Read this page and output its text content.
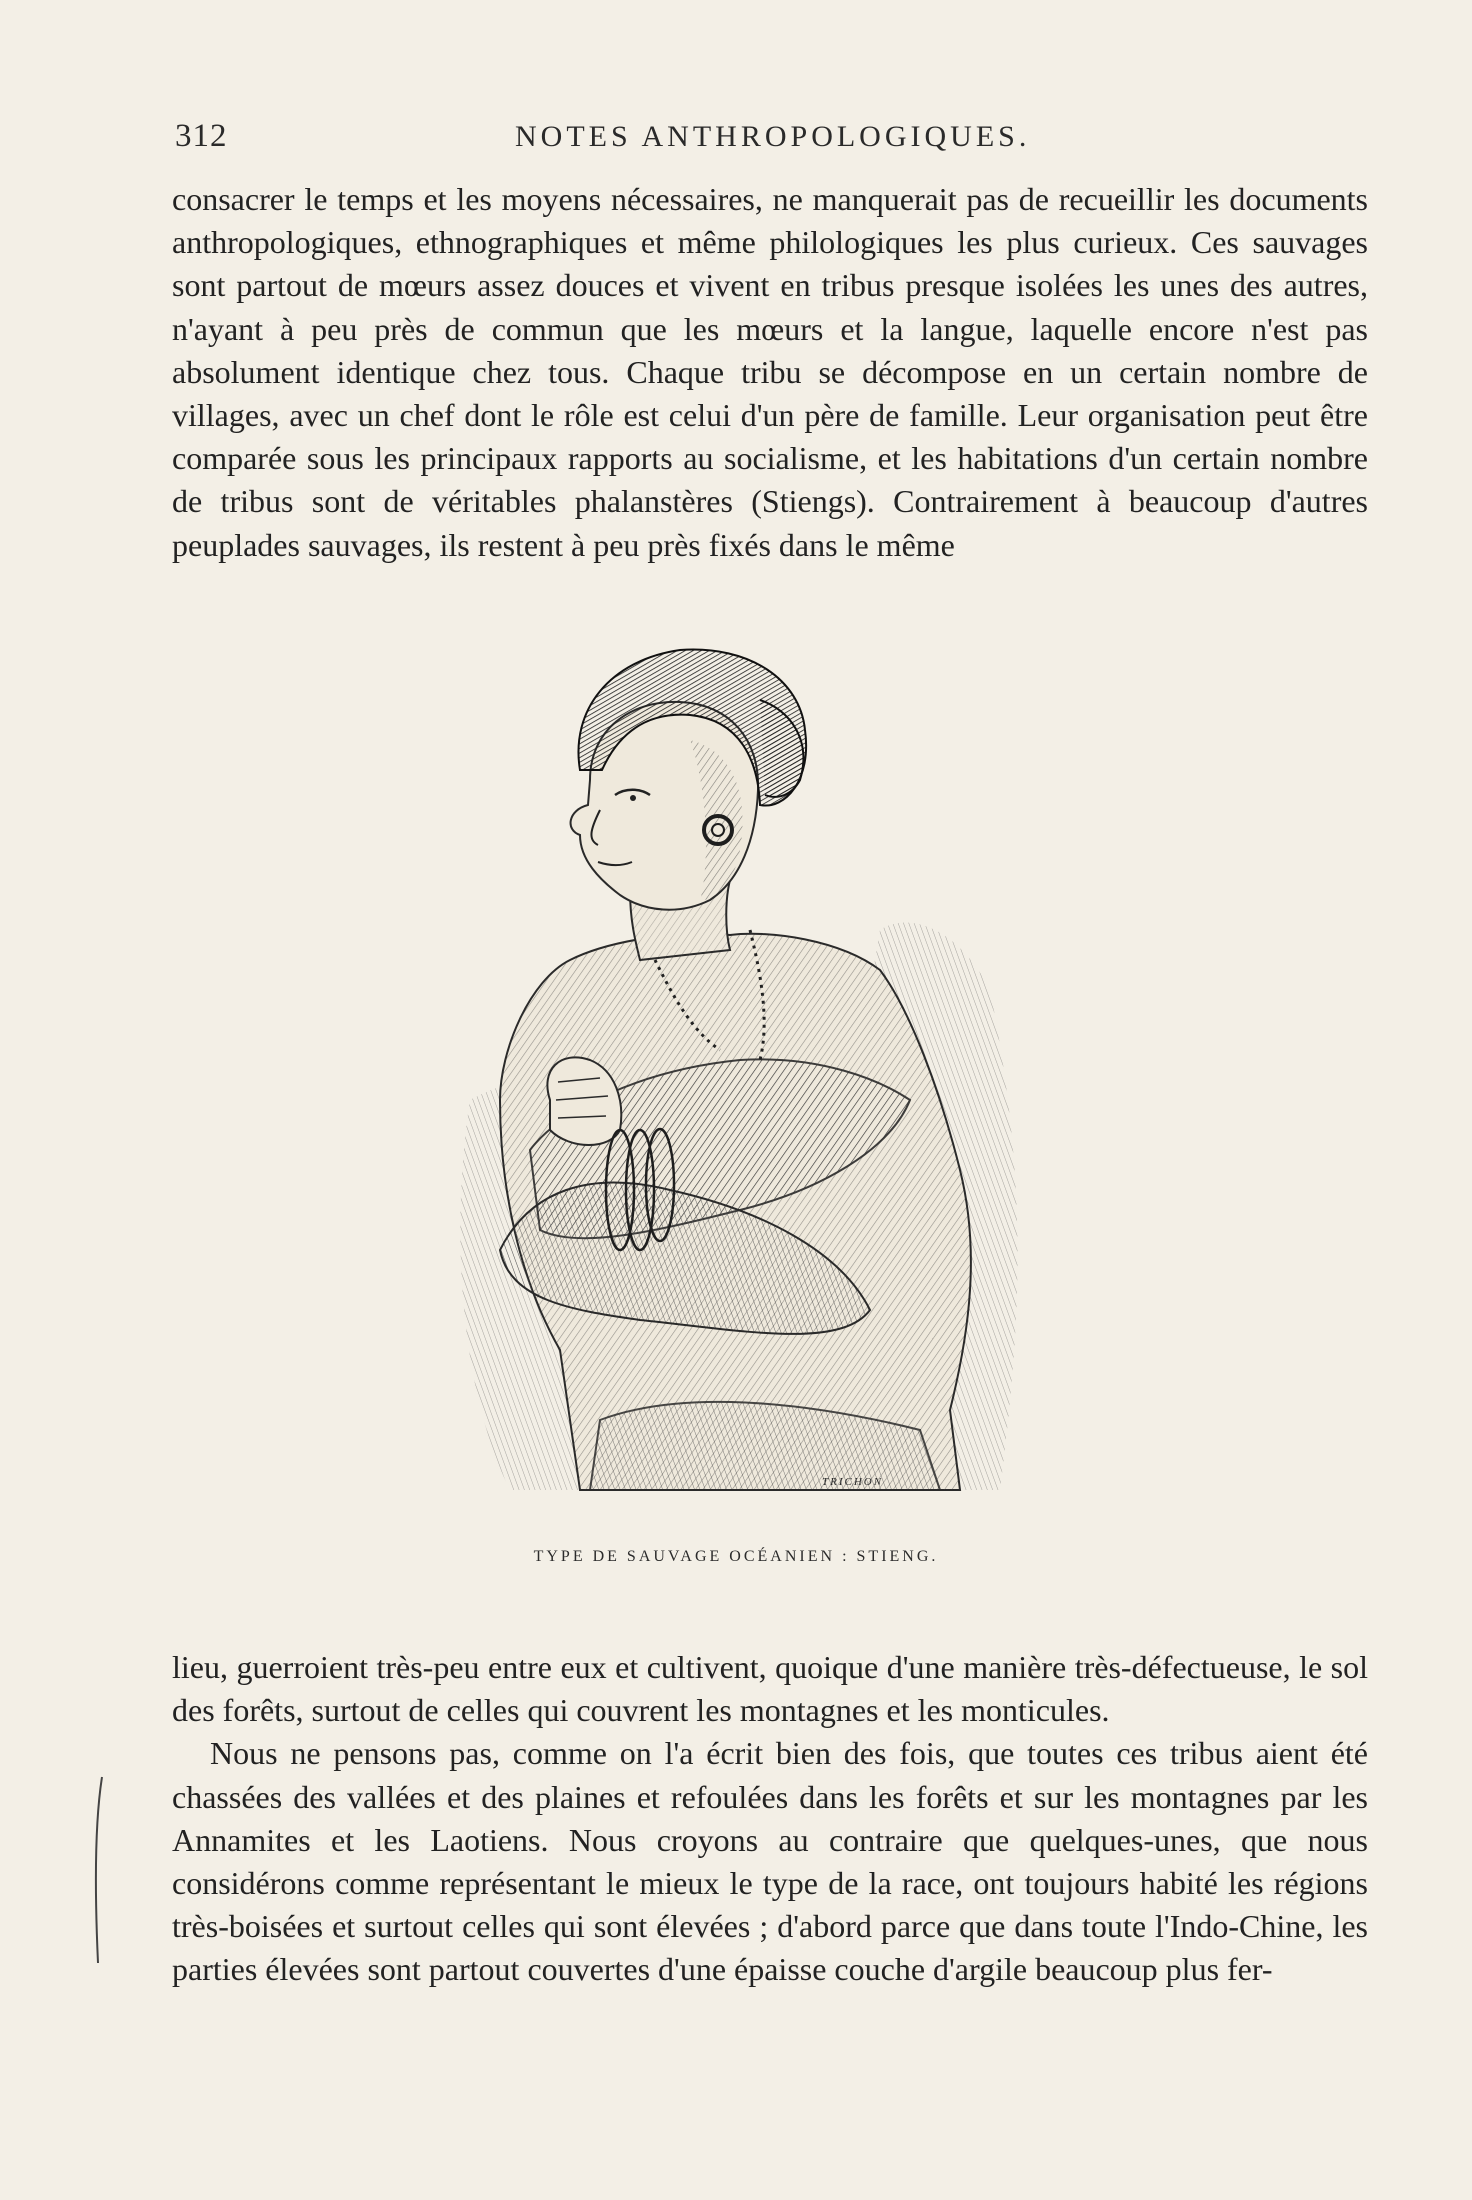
312	NOTES ANTHROPOLOGIQUES.

consacrer le temps et les moyens nécessaires, ne manquerait pas de recueillir les documents anthropologiques, ethnographiques et même philologiques les plus curieux. Ces sauvages sont partout de mœurs assez douces et vivent en tribus presque isolées les unes des autres, n'ayant à peu près de commun que les mœurs et la langue, laquelle encore n'est pas absolument identique chez tous. Chaque tribu se décompose en un certain nombre de villages, avec un chef dont le rôle est celui d'un père de famille. Leur organisation peut être comparée sous les principaux rapports au socialisme, et les habitations d'un certain nombre de tribus sont de véritables phalanstères (Stiengs). Contrairement à beaucoup d'autres peuplades sauvages, ils restent à peu près fixés dans le même

TRICHON
TYPE DE SAUVAGE OCÉANIEN : STIENG.

lieu, guerroient très-peu entre eux et cultivent, quoique d'une manière très-défectueuse, le sol des forêts, surtout de celles qui couvrent les montagnes et les monticules.

Nous ne pensons pas, comme on l'a écrit bien des fois, que toutes ces tribus aient été chassées des vallées et des plaines et refoulées dans les forêts et sur les montagnes par les Annamites et les Laotiens. Nous croyons au contraire que quelques-unes, que nous considérons comme représentant le mieux le type de la race, ont toujours habité les régions très-boisées et surtout celles qui sont élevées ; d'abord parce que dans toute l'Indo-Chine, les parties élevées sont partout couvertes d'une épaisse couche d'argile beaucoup plus fer-
